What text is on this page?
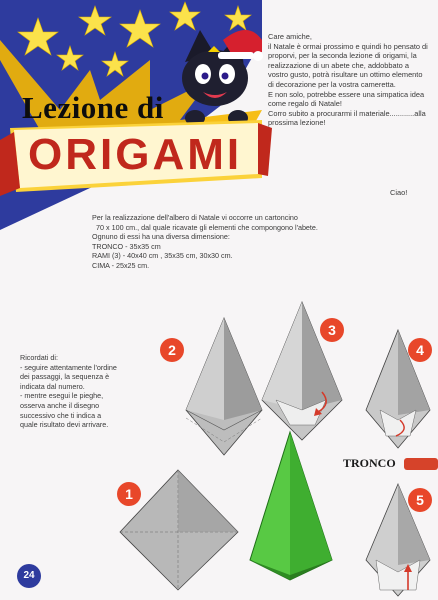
Lezione di
ORIGAMI

Care amiche,

il Natale è ormai prossimo e quindi ho pensato di proporvi, per la seconda lezione di origami, la realizzazione di un abete che, addobbato a vostro gusto, potrà risultare un ottimo elemento di decorazione per la vostra cameretta.

E non solo, potrebbe essere una simpatica idea come regalo di Natale!

Corro subito a procurarmi il materiale............alla prossima lezione!

Ciao!

Per la realizzazione dell'albero di Natale vi occorre un cartoncino

70 x 100 cm., dal quale ricavate gli elementi che compongono l'abete.

Ognuno di essi ha una diversa dimensione:

TRONCO - 35x35 cm

RAMI (3) - 40x40 cm , 35x35 cm, 30x30 cm.

CIMA - 25x25 cm.

Ricordati di:

- seguire attentamente l'ordine dei passaggi, la sequenza è indicata dal numero.

- mentre esegui le pieghe, osserva anche il disegno successivo che ti indica a quale risultato devi arrivare.

TRONCO
1
2
3
4
5
24
